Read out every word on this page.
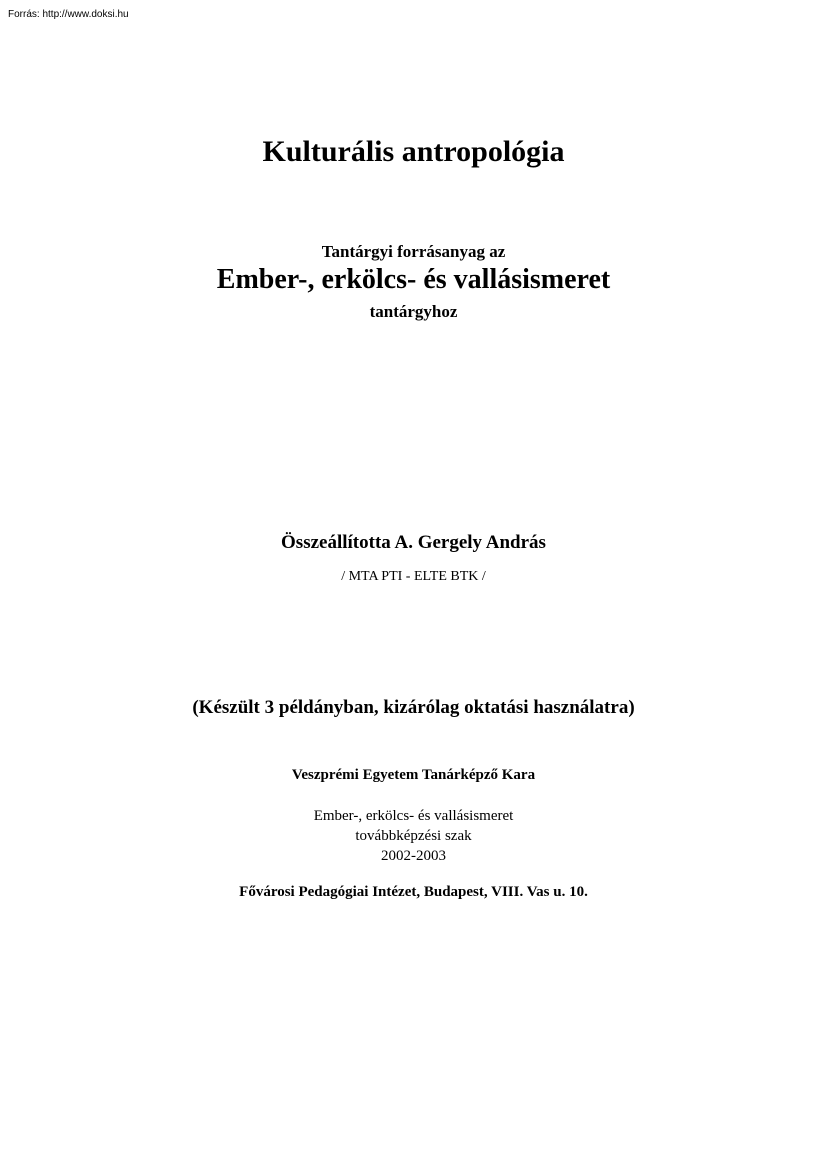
Forrás: http://www.doksi.hu
Kulturális antropológia
Tantárgyi forrásanyag az
Ember-, erkölcs- és vallásismeret
tantárgyhoz
Összeállította A. Gergely András
/ MTA PTI - ELTE BTK /
(Készült 3 példányban, kizárólag oktatási használatra)
Veszprémi Egyetem Tanárképző Kara
Ember-, erkölcs- és vallásismeret
továbbképzési szak
2002-2003
Fővárosi Pedagógiai Intézet, Budapest, VIII. Vas u. 10.
